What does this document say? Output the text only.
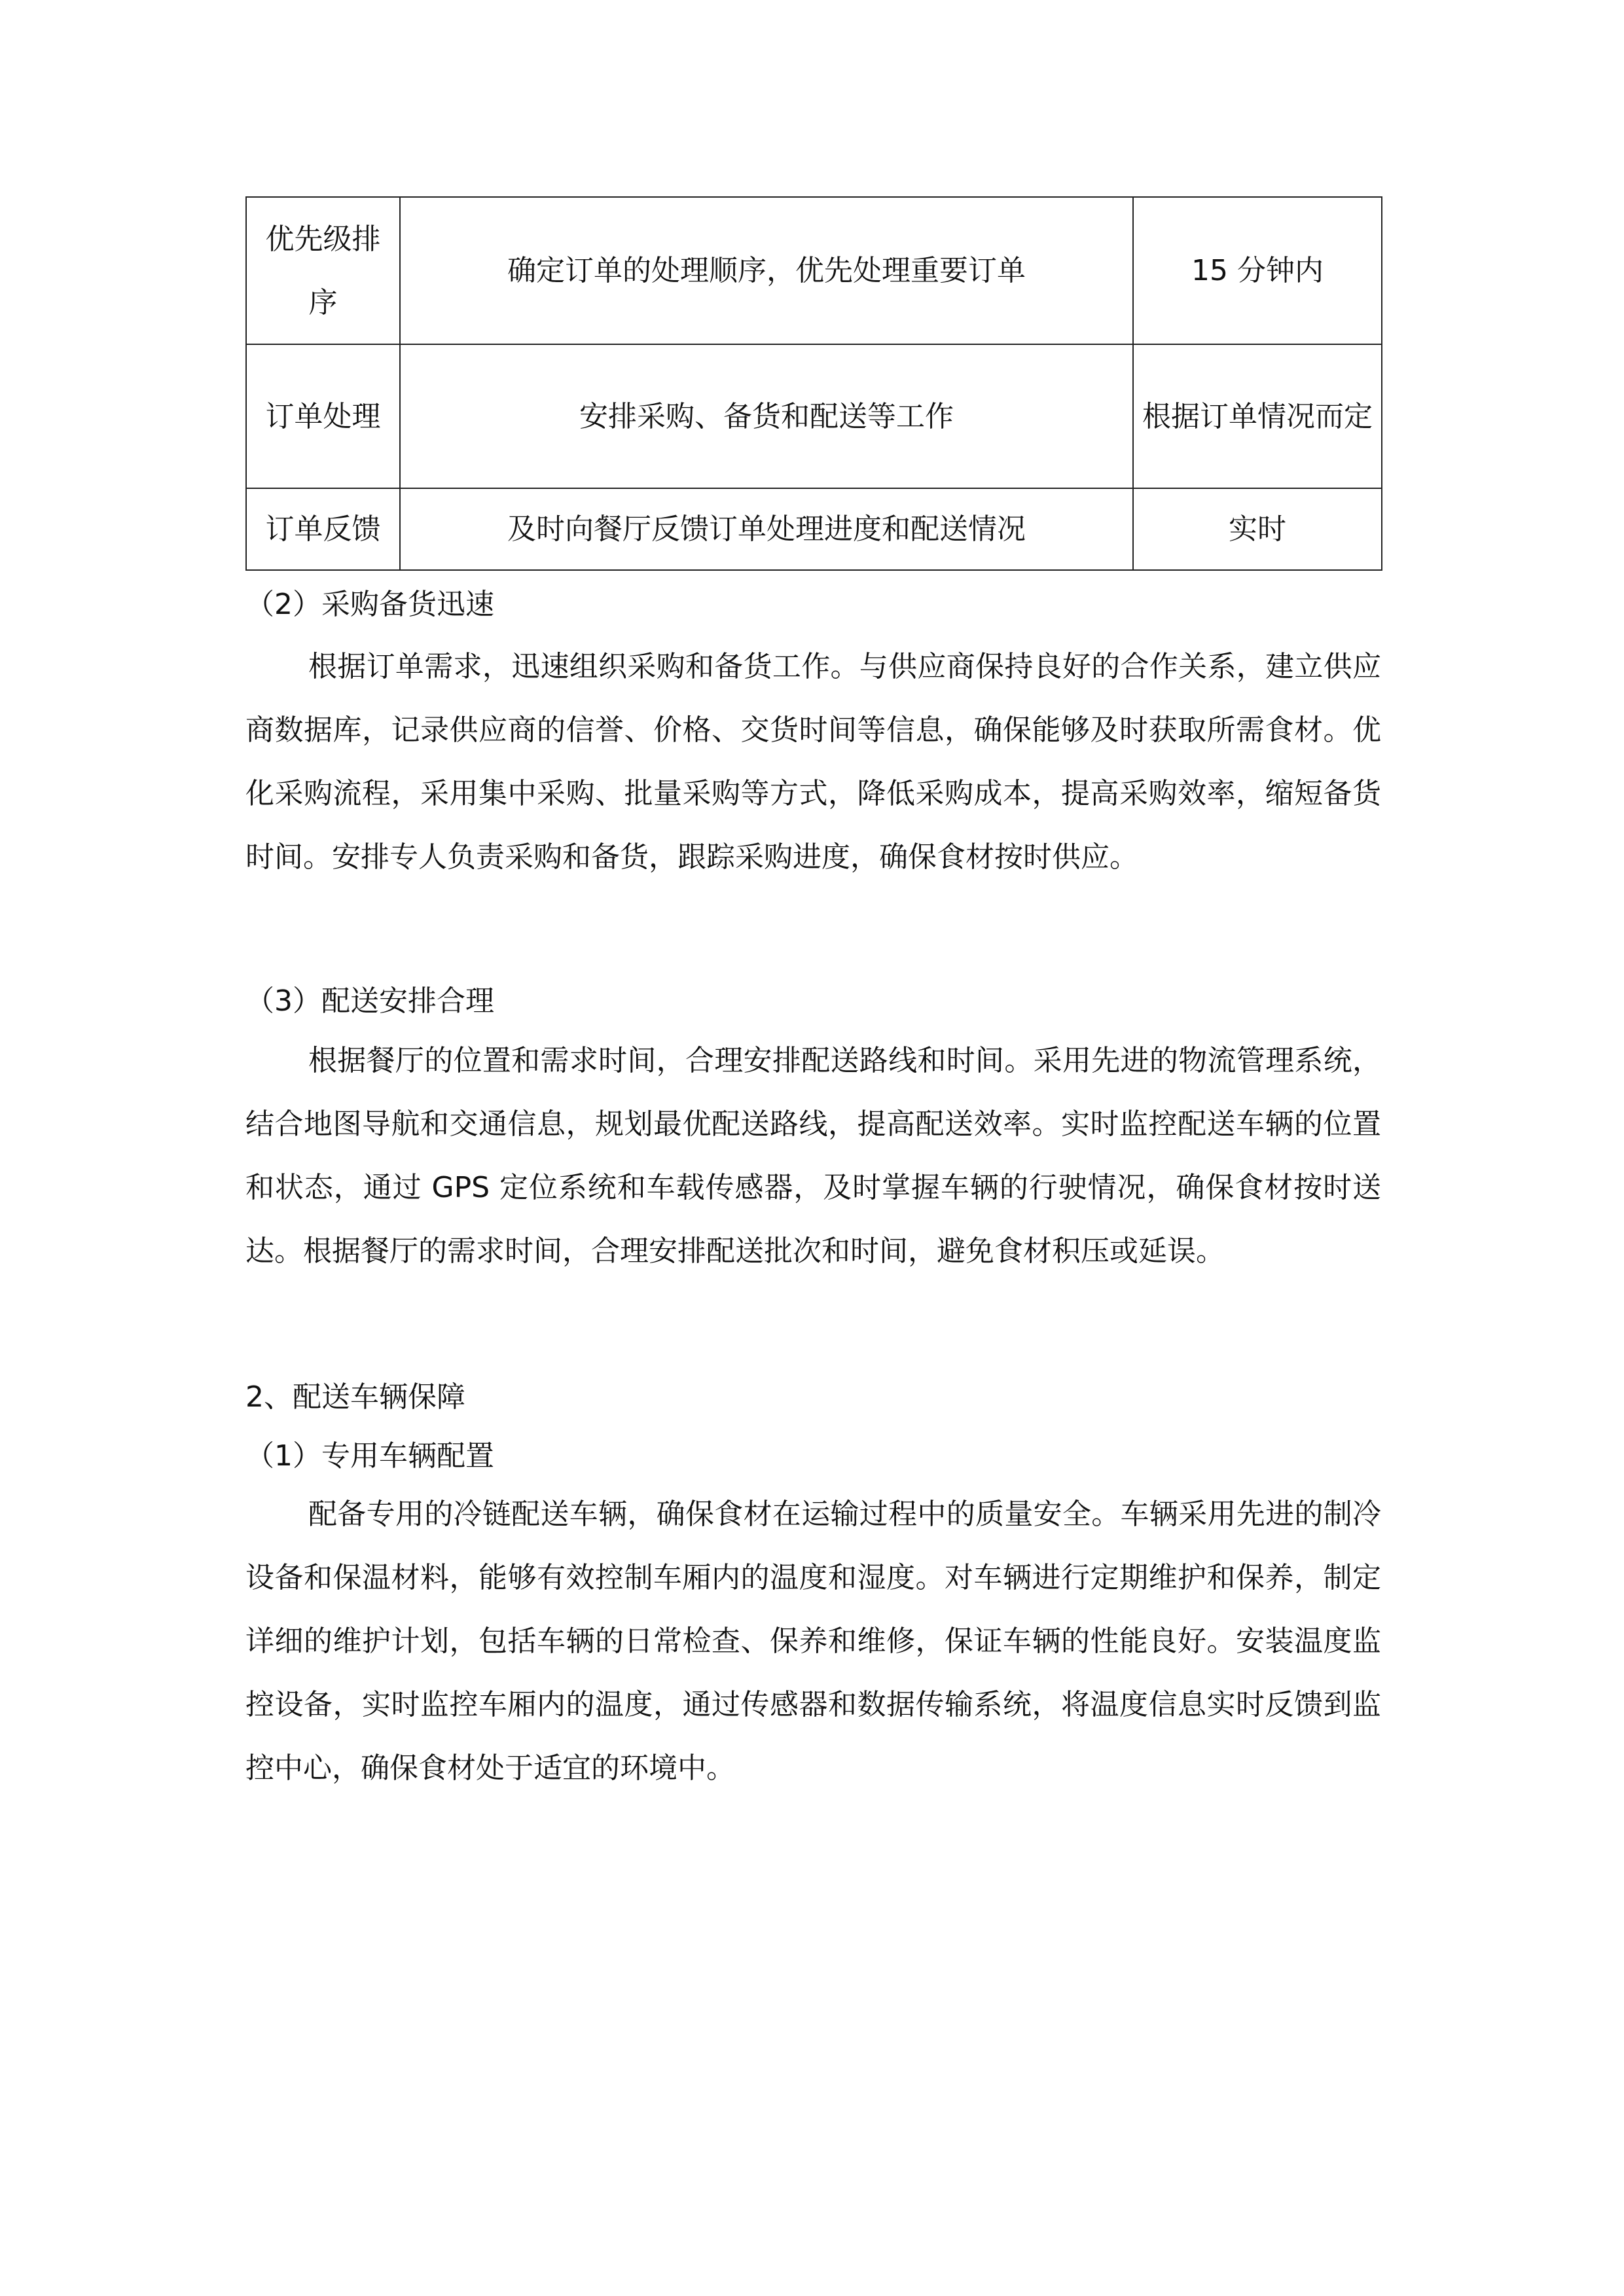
优先级排序	确定订单的处理顺序，优先处理重要订单	15 分钟内
订单处理	安排采购、备货和配送等工作	根据订单情况而定
订单反馈	及时向餐厅反馈订单处理进度和配送情况	实时
（2）采购备货迅速

根据订单需求，迅速组织采购和备货工作。与供应商保持良好的合作关系，建立供应商数据库，记录供应商的信誉、价格、交货时间等信息，确保能够及时获取所需食材。优化采购流程，采用集中采购、批量采购等方式，降低采购成本，提高采购效率，缩短备货时间。安排专人负责采购和备货，跟踪采购进度，确保食材按时供应。

（3）配送安排合理

根据餐厅的位置和需求时间，合理安排配送路线和时间。采用先进的物流管理系统，结合地图导航和交通信息，规划最优配送路线，提高配送效率。实时监控配送车辆的位置和状态，通过 GPS 定位系统和车载传感器，及时掌握车辆的行驶情况，确保食材按时送达。根据餐厅的需求时间，合理安排配送批次和时间，避免食材积压或延误。

2、配送车辆保障
（1）专用车辆配置

配备专用的冷链配送车辆，确保食材在运输过程中的质量安全。车辆采用先进的制冷设备和保温材料，能够有效控制车厢内的温度和湿度。对车辆进行定期维护和保养，制定详细的维护计划，包括车辆的日常检查、保养和维修，保证车辆的性能良好。安装温度监控设备，实时监控车厢内的温度，通过传感器和数据传输系统，将温度信息实时反馈到监控中心，确保食材处于适宜的环境中。
